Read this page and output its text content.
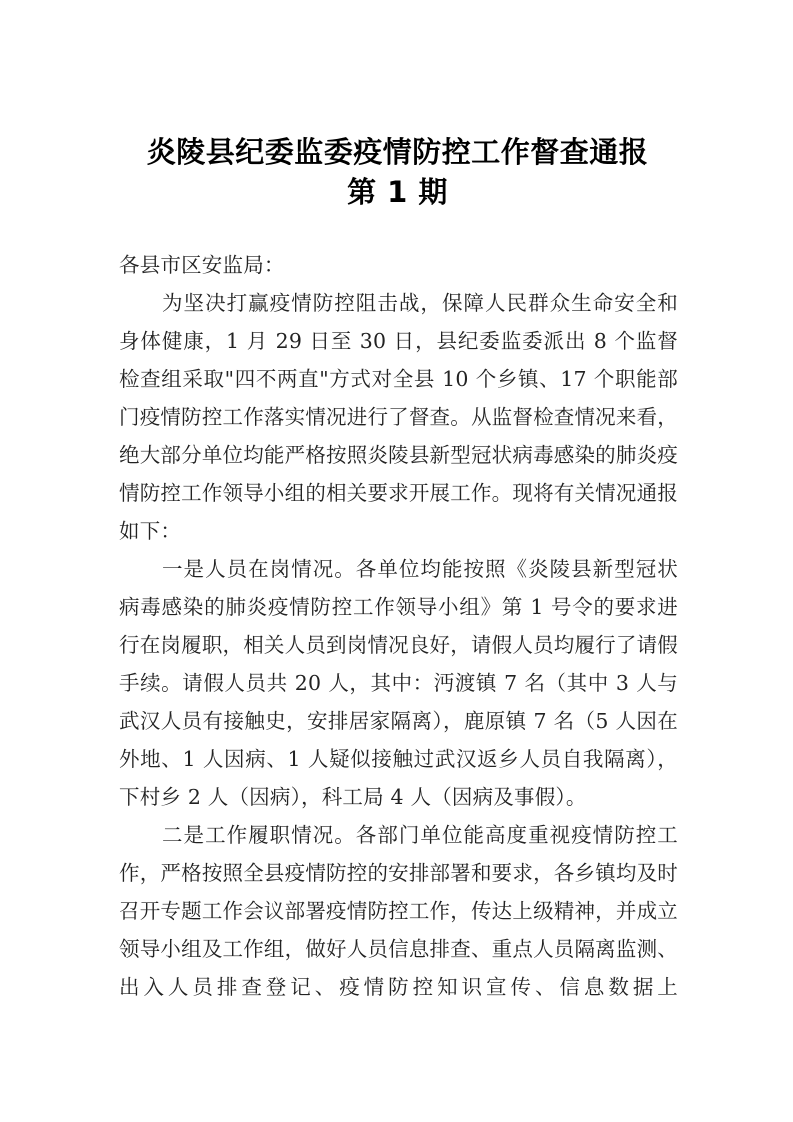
炎陵县纪委监委疫情防控工作督查通报
第 1 期

各县市区安监局：

为坚决打赢疫情防控阻击战，保障人民群众生命安全和身体健康，1 月 29 日至 30 日，县纪委监委派出 8 个监督检查组采取"四不两直"方式对全县 10 个乡镇、17 个职能部门疫情防控工作落实情况进行了督查。从监督检查情况来看，绝大部分单位均能严格按照炎陵县新型冠状病毒感染的肺炎疫情防控工作领导小组的相关要求开展工作。现将有关情况通报如下：

一是人员在岗情况。各单位均能按照《炎陵县新型冠状病毒感染的肺炎疫情防控工作领导小组》第 1 号令的要求进行在岗履职，相关人员到岗情况良好，请假人员均履行了请假手续。请假人员共 20 人，其中：沔渡镇 7 名（其中 3 人与武汉人员有接触史，安排居家隔离），鹿原镇 7 名（5 人因在外地、1 人因病、1 人疑似接触过武汉返乡人员自我隔离），下村乡 2 人（因病），科工局 4 人（因病及事假）。

二是工作履职情况。各部门单位能高度重视疫情防控工作，严格按照全县疫情防控的安排部署和要求，各乡镇均及时召开专题工作会议部署疫情防控工作，传达上级精神，并成立领导小组及工作组，做好人员信息排查、重点人员隔离监测、出入人员排查登记、疫情防控知识宣传、信息数据上
